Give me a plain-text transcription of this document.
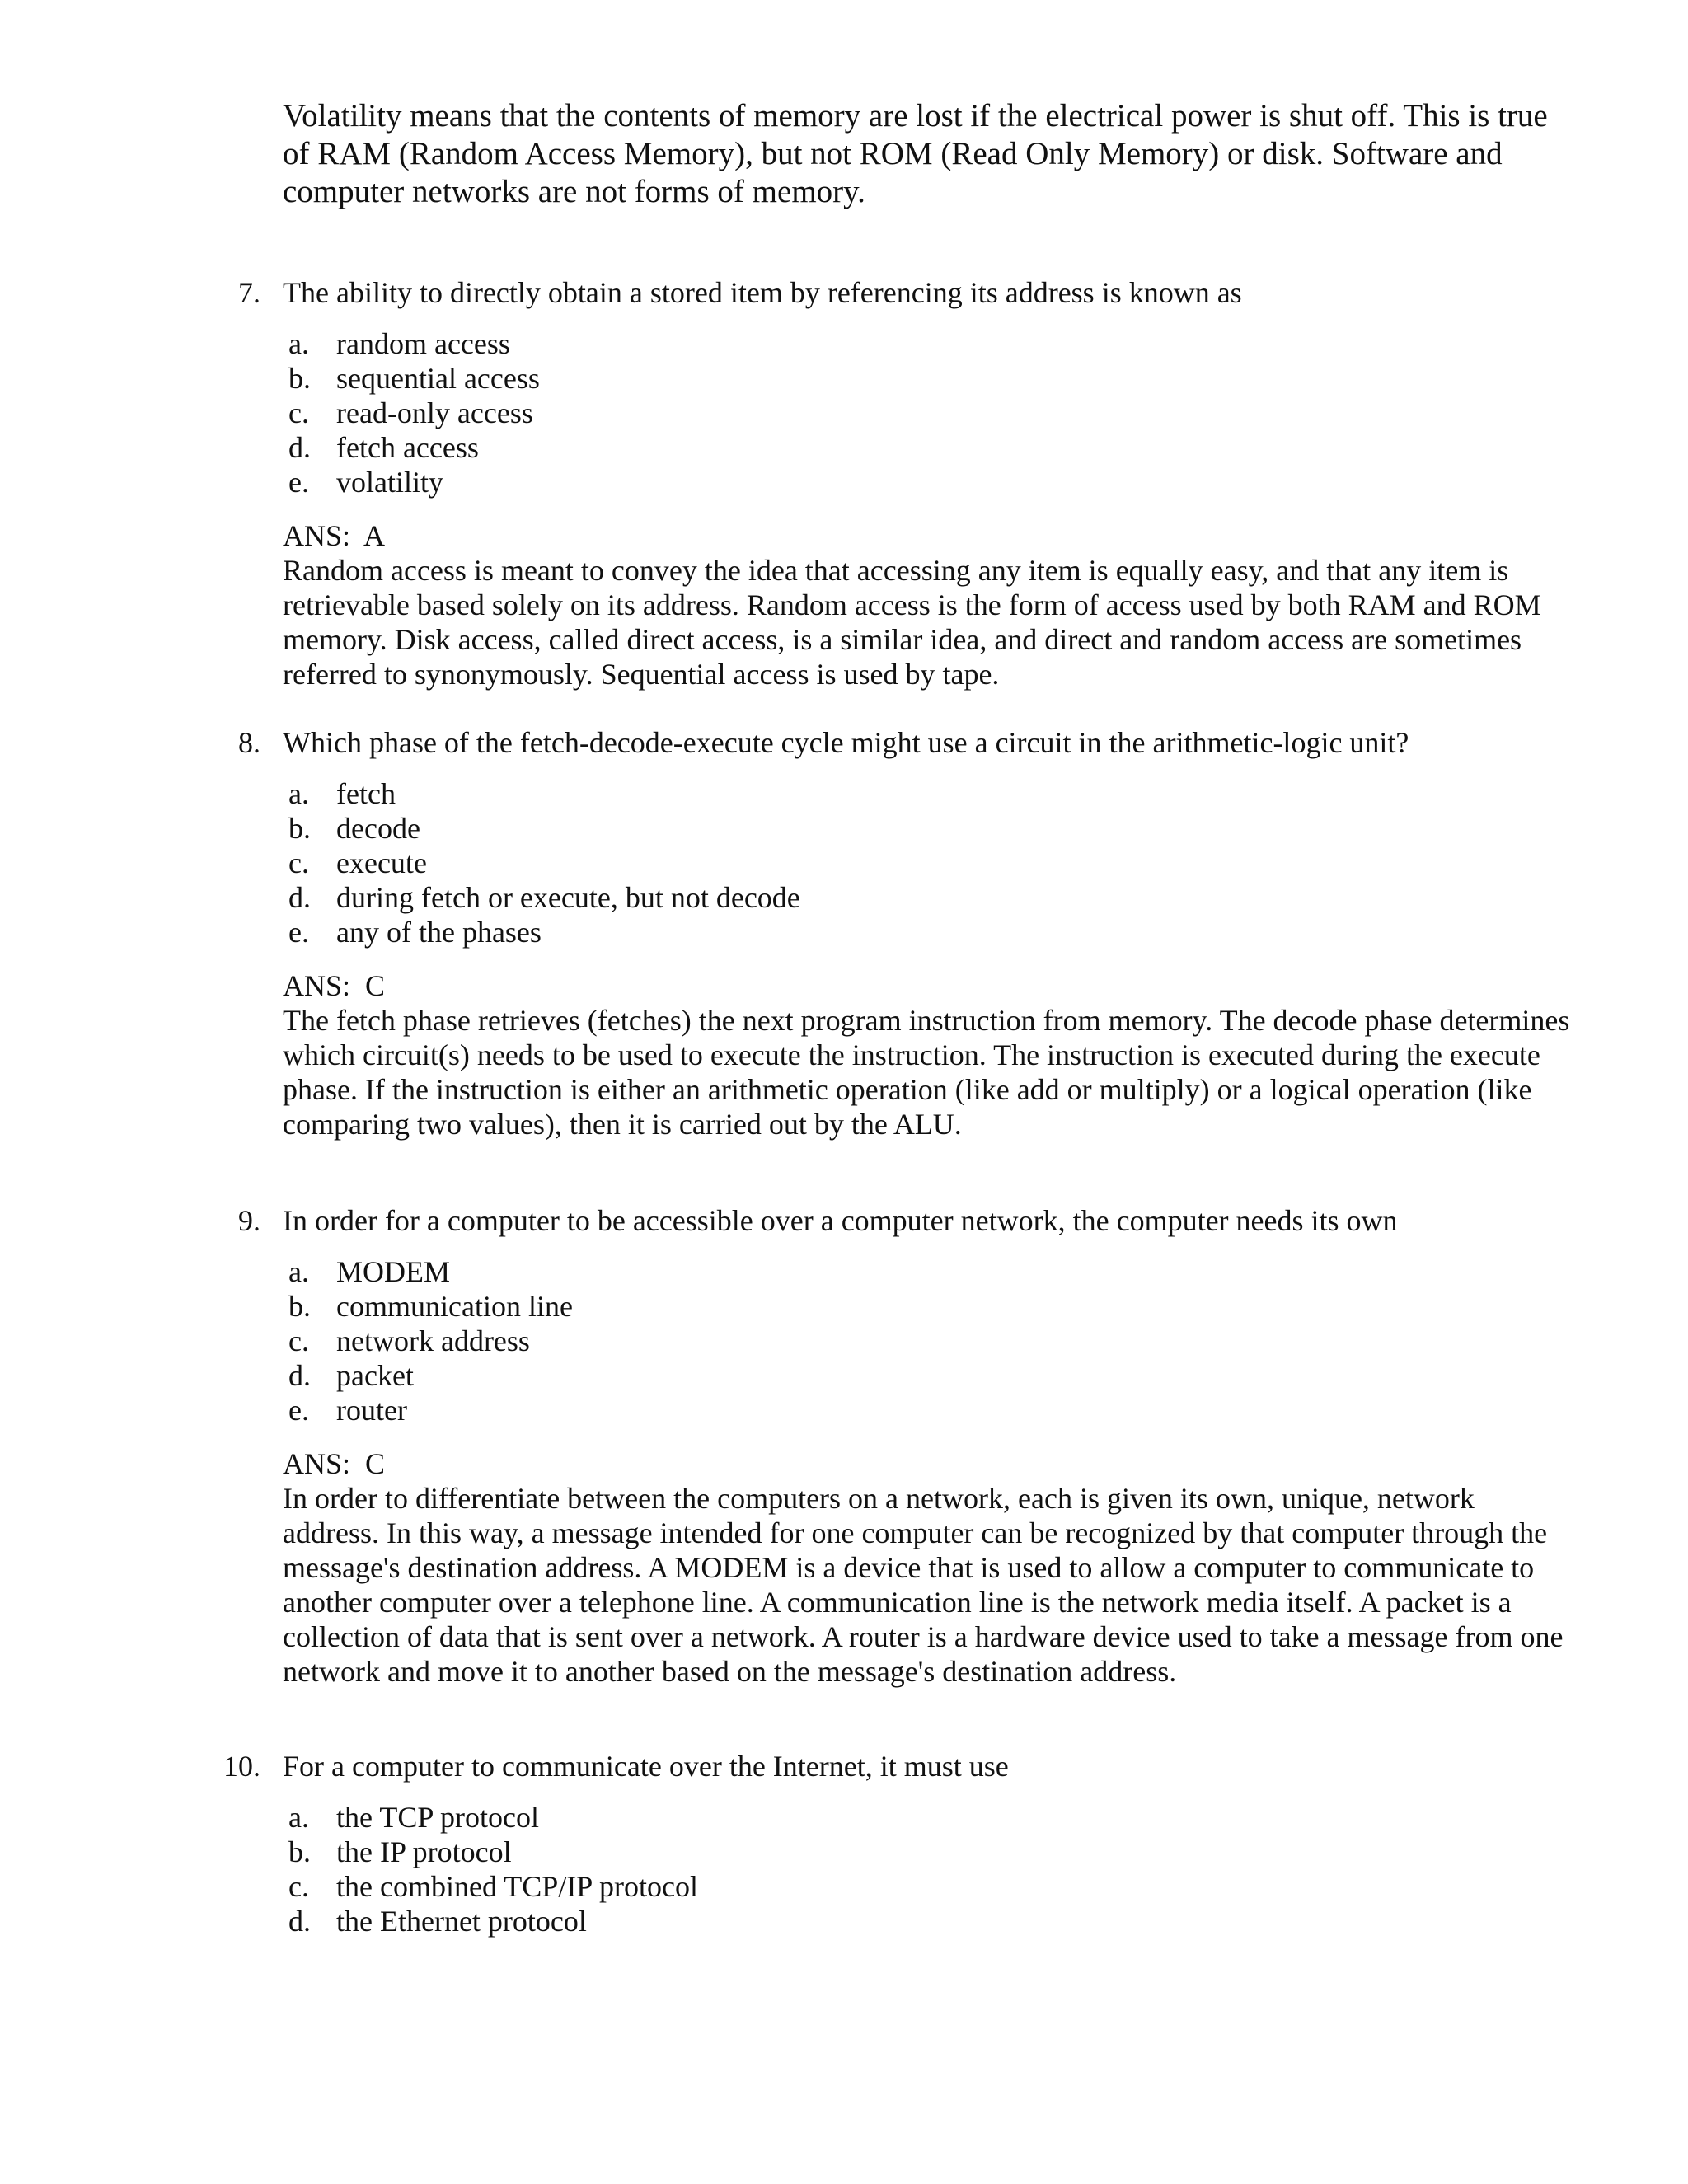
Volatility means that the contents of memory are lost if the electrical power is shut off. This is true of RAM (Random Access Memory), but not ROM (Read Only Memory) or disk. Software and computer networks are not forms of memory.

7. The ability to directly obtain a stored item by referencing its address is known as

a. random access
b. sequential access
c. read-only access
d. fetch access
e. volatility

ANS:  A

Random access is meant to convey the idea that accessing any item is equally easy, and that any item is retrievable based solely on its address. Random access is the form of access used by both RAM and ROM memory. Disk access, called direct access, is a similar idea, and direct and random access are sometimes referred to synonymously. Sequential access is used by tape.

8. Which phase of the fetch-decode-execute cycle might use a circuit in the arithmetic-logic unit?

a. fetch
b. decode
c. execute
d. during fetch or execute, but not decode
e. any of the phases

ANS:  C

The fetch phase retrieves (fetches) the next program instruction from memory. The decode phase determines which circuit(s) needs to be used to execute the instruction. The instruction is executed during the execute phase. If the instruction is either an arithmetic operation (like add or multiply) or a logical operation (like comparing two values), then it is carried out by the ALU.

9. In order for a computer to be accessible over a computer network, the computer needs its own

a. MODEM
b. communication line
c. network address
d. packet
e. router

ANS:  C

In order to differentiate between the computers on a network, each is given its own, unique, network address. In this way, a message intended for one computer can be recognized by that computer through the message's destination address. A MODEM is a device that is used to allow a computer to communicate to another computer over a telephone line. A communication line is the network media itself. A packet is a collection of data that is sent over a network. A router is a hardware device used to take a message from one network and move it to another based on the message's destination address.

10. For a computer to communicate over the Internet, it must use

a. the TCP protocol
b. the IP protocol
c. the combined TCP/IP protocol
d. the Ethernet protocol
